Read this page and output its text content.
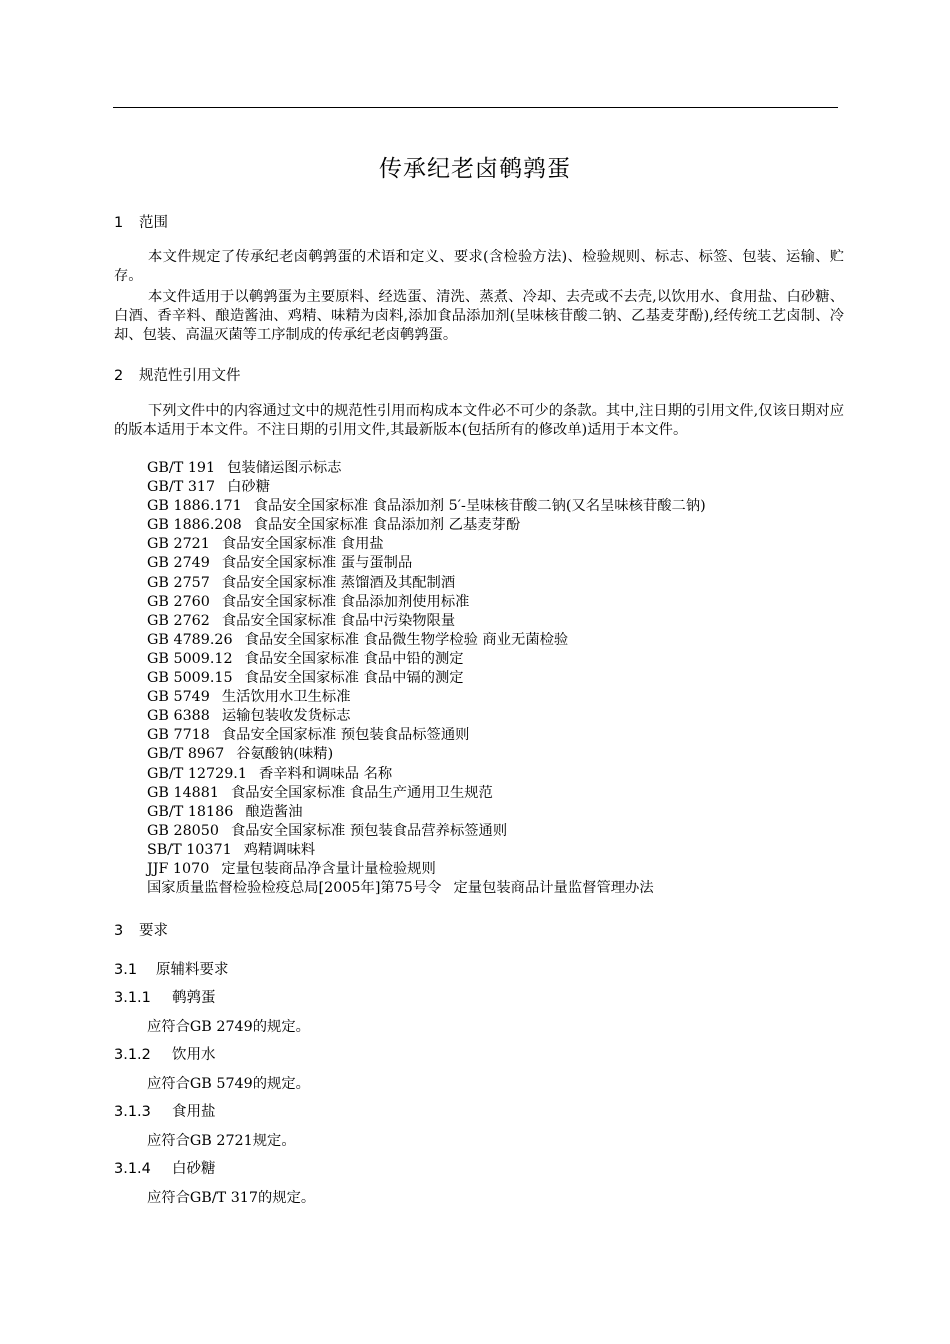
传承纪老卤鹌鹑蛋
1 范围
本文件规定了传承纪老卤鹌鹑蛋的术语和定义、要求(含检验方法)、检验规则、标志、标签、包装、运输、贮存。
本文件适用于以鹌鹑蛋为主要原料、经选蛋、清洗、蒸煮、冷却、去壳或不去壳,以饮用水、食用盐、白砂糖、白酒、香辛料、酿造酱油、鸡精、味精为卤料,添加食品添加剂(呈味核苷酸二钠、乙基麦芽酚),经传统工艺卤制、冷却、包装、高温灭菌等工序制成的传承纪老卤鹌鹑蛋。
2 规范性引用文件
下列文件中的内容通过文中的规范性引用而构成本文件必不可少的条款。其中,注日期的引用文件,仅该日期对应的版本适用于本文件。不注日期的引用文件,其最新版本(包括所有的修改单)适用于本文件。
GB/T 191 包装储运图示标志
GB/T 317 白砂糖
GB 1886.171 食品安全国家标准 食品添加剂 5′-呈味核苷酸二钠(又名呈味核苷酸二钠)
GB 1886.208 食品安全国家标准 食品添加剂 乙基麦芽酚
GB 2721 食品安全国家标准 食用盐
GB 2749 食品安全国家标准 蛋与蛋制品
GB 2757 食品安全国家标准 蒸馏酒及其配制酒
GB 2760 食品安全国家标准 食品添加剂使用标准
GB 2762 食品安全国家标准 食品中污染物限量
GB 4789.26 食品安全国家标准 食品微生物学检验 商业无菌检验
GB 5009.12 食品安全国家标准 食品中铅的测定
GB 5009.15 食品安全国家标准 食品中镉的测定
GB 5749 生活饮用水卫生标准
GB 6388 运输包装收发货标志
GB 7718 食品安全国家标准 预包装食品标签通则
GB/T 8967 谷氨酸钠(味精)
GB/T 12729.1 香辛料和调味品 名称
GB 14881 食品安全国家标准 食品生产通用卫生规范
GB/T 18186 酿造酱油
GB 28050 食品安全国家标准 预包装食品营养标签通则
SB/T 10371 鸡精调味料
JJF 1070 定量包装商品净含量计量检验规则
国家质量监督检验检疫总局[2005年]第75号令 定量包装商品计量监督管理办法
3 要求
3.1 原辅料要求
3.1.1 鹌鹑蛋
应符合GB 2749的规定。
3.1.2 饮用水
应符合GB 5749的规定。
3.1.3 食用盐
应符合GB 2721规定。
3.1.4 白砂糖
应符合GB/T 317的规定。
